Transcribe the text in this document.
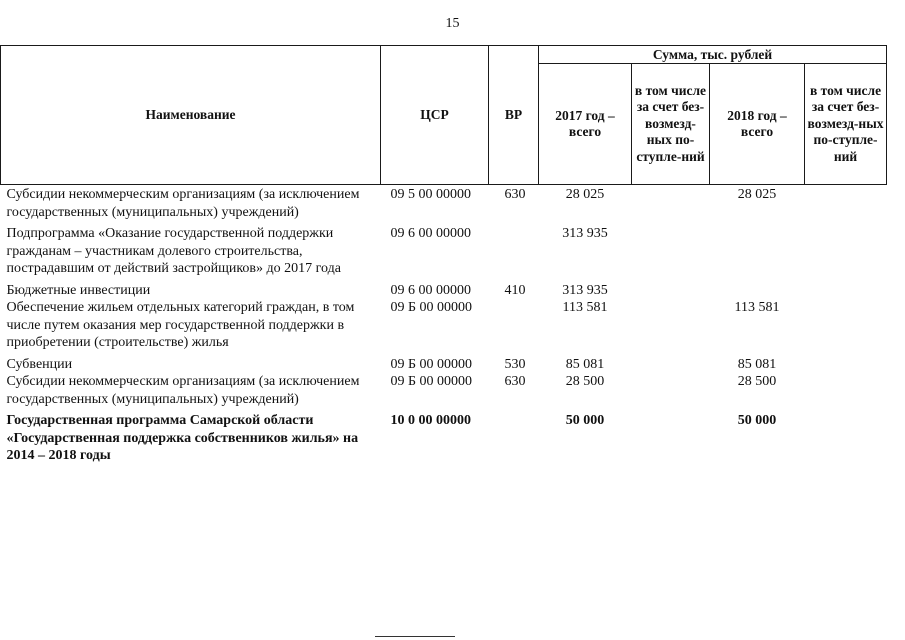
15
Наименование	ЦСР	ВР	Сумма, тыс. рублей			
			2017 год – всего	в том числе за счет без-возмезд-ных по-ступле-ний	2018 год – всего	в том числе за счет без-возмезд-ных по-ступле-ний
Субсидии некоммерческим организациям (за исключением государственных (муниципальных) учреждений)	09 5 00 00000	630	28 025		28 025	

Подпрограмма «Оказание государственной поддержки гражданам – участникам долевого строительства, пострадавшим от действий застройщиков» до 2017 года	09 6 00 00000		313 935			

Бюджетные инвестиции	09 6 00 00000	410	313 935			
Обеспечение жильем отдельных категорий граждан, в том числе путем оказания мер государственной поддержки в приобретении (строительстве) жилья	09 Б 00 00000		113 581		113 581	

Субвенции	09 Б 00 00000	530	85 081		85 081	
Субсидии некоммерческим организациям (за исключением государственных (муниципальных) учреждений)	09 Б 00 00000	630	28 500		28 500	

Государственная программа Самарской области «Государственная поддержка собственников жилья» на 2014 – 2018 годы	10 0 00 00000		50 000		50 000	
